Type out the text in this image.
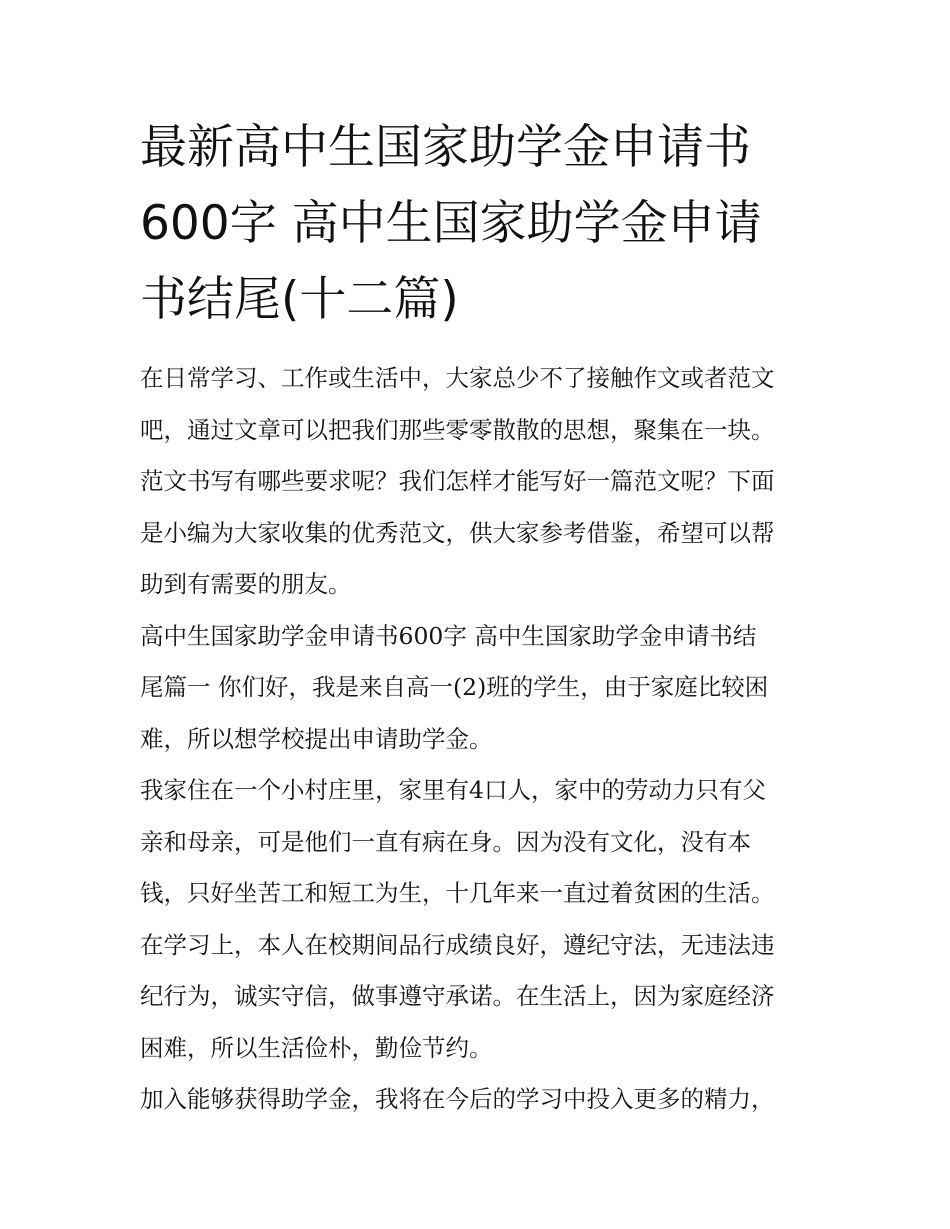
最新高中生国家助学金申请书
600字 高中生国家助学金申请
书结尾(十二篇)

在日常学习、工作或生活中，大家总少不了接触作文或者范文
吧，通过文章可以把我们那些零零散散的思想，聚集在一块。
范文书写有哪些要求呢？我们怎样才能写好一篇范文呢？下面
是小编为大家收集的优秀范文，供大家参考借鉴，希望可以帮
助到有需要的朋友。

高中生国家助学金申请书600字 高中生国家助学金申请书结
尾篇一 你们好，我是来自高一(2)班的学生，由于家庭比较困
难，所以想学校提出申请助学金。

我家住在一个小村庄里，家里有4口人，家中的劳动力只有父
亲和母亲，可是他们一直有病在身。因为没有文化，没有本
钱，只好坐苦工和短工为生，十几年来一直过着贫困的生活。
在学习上，本人在校期间品行成绩良好，遵纪守法，无违法违
纪行为，诚实守信，做事遵守承诺。在生活上，因为家庭经济
困难，所以生活俭朴，勤俭节约。

加入能够获得助学金，我将在今后的学习中投入更多的精力，
